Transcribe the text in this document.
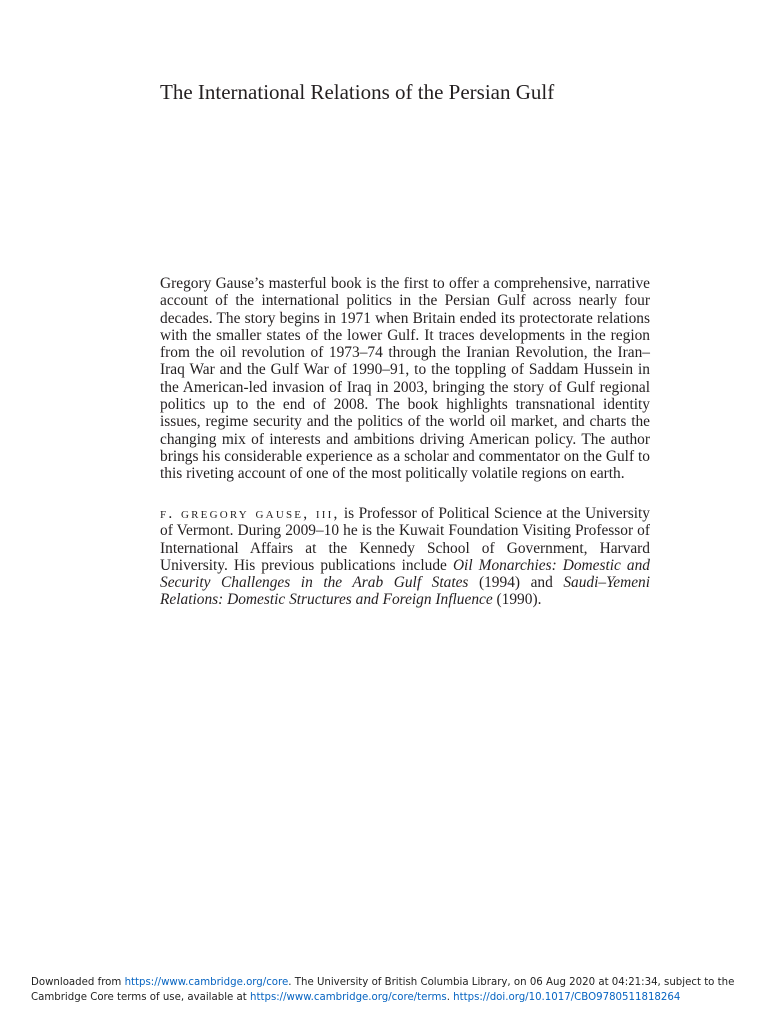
The International Relations of the Persian Gulf

Gregory Gause’s masterful book is the first to offer a comprehensive, narrative account of the international politics in the Persian Gulf across nearly four decades. The story begins in 1971 when Britain ended its protectorate relations with the smaller states of the lower Gulf. It traces developments in the region from the oil revolution of 1973–74 through the Iranian Revolution, the Iran–Iraq War and the Gulf War of 1990–91, to the toppling of Saddam Hussein in the American-led invasion of Iraq in 2003, bringing the story of Gulf regional politics up to the end of 2008. The book highlights transnational identity issues, regime security and the politics of the world oil market, and charts the changing mix of interests and ambitions driving American policy. The author brings his considerable experience as a scholar and commentator on the Gulf to this riveting account of one of the most politically volatile regions on earth.

f. gregory gause, iii, is Professor of Political Science at the University of Vermont. During 2009–10 he is the Kuwait Foundation Visiting Professor of International Affairs at the Kennedy School of Government, Harvard University. His previous publications include Oil Monarchies: Domestic and Security Challenges in the Arab Gulf States (1994) and Saudi–Yemeni Relations: Domestic Structures and Foreign Influence (1990).

Downloaded from https://www.cambridge.org/core. The University of British Columbia Library, on 06 Aug 2020 at 04:21:34, subject to the Cambridge Core terms of use, available at https://www.cambridge.org/core/terms. https://doi.org/10.1017/CBO9780511818264
